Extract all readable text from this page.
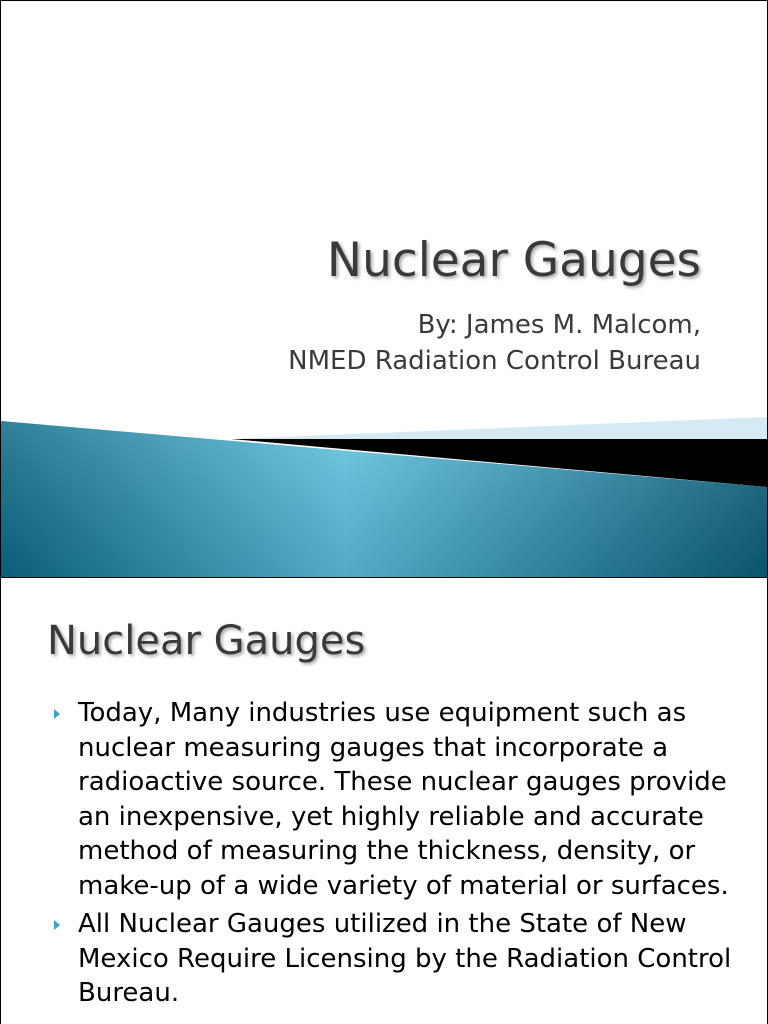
Nuclear Gauges
By: James M. Malcom,
NMED Radiation Control Bureau
Nuclear Gauges
Today, Many industries use equipment such as nuclear measuring gauges that incorporate a radioactive source. These nuclear gauges provide an inexpensive, yet highly reliable and accurate method of measuring the thickness, density, or make-up of a wide variety of material or surfaces.
All Nuclear Gauges utilized in the State of New Mexico Require Licensing by the Radiation Control Bureau.
